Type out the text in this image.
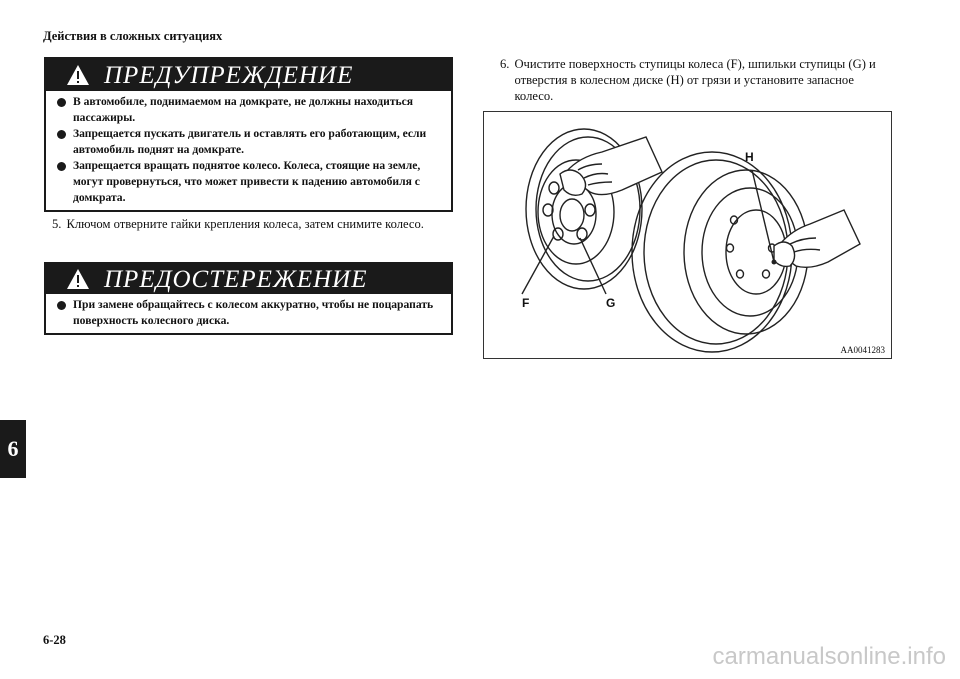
Действия в сложных ситуациях
6
ПРЕДУПРЕЖДЕНИЕ
В автомобиле, поднимаемом на домкрате, не должны находиться пассажиры.
Запрещается пускать двигатель и оставлять его работающим, если автомобиль поднят на домкрате.
Запрещается вращать поднятое колесо. Колеса, стоящие на земле, могут провернуться, что может привести к падению автомобиля с домкрата.
5. Ключом отверните гайки крепления колеса, затем снимите колесо.
ПРЕДОСТЕРЕЖЕНИЕ
При замене обращайтесь с колесом аккуратно, чтобы не поцарапать поверхность колесного диска.
6. Очистите поверхность ступицы колеса (F), шпильки ступицы (G) и отверстия в колесном диске (H) от грязи и установите запасное колесо.
F	G
H
AA0041283
6-28
carmanualsonline.info
